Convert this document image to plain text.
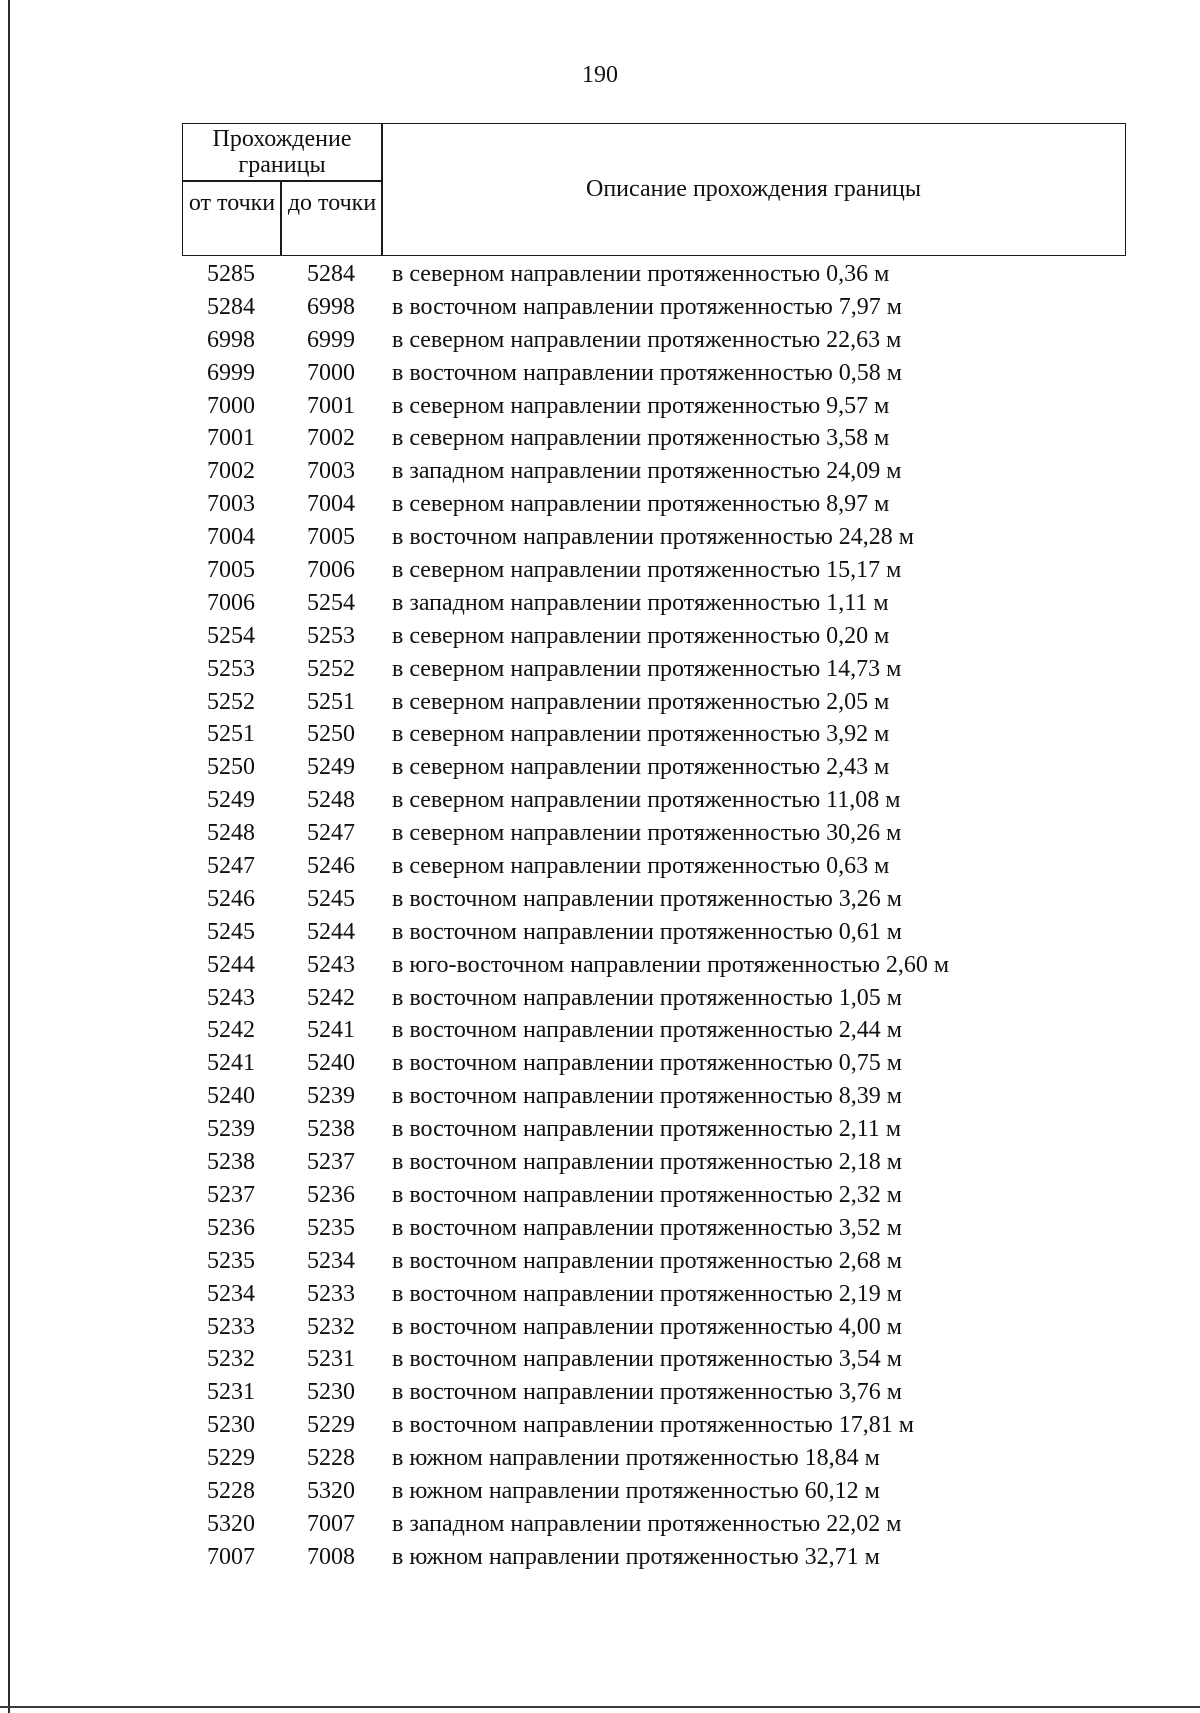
190
Прохождение границы
от точки до точки
Описание прохождения границы
5285	5284	в северном направлении протяженностью 0,36 м
5284	6998	в восточном направлении протяженностью 7,97 м
6998	6999	в северном направлении протяженностью 22,63 м
6999	7000	в восточном направлении протяженностью 0,58 м
7000	7001	в северном направлении протяженностью 9,57 м
7001	7002	в северном направлении протяженностью 3,58 м
7002	7003	в западном направлении протяженностью 24,09 м
7003	7004	в северном направлении протяженностью 8,97 м
7004	7005	в восточном направлении протяженностью 24,28 м
7005	7006	в северном направлении протяженностью 15,17 м
7006	5254	в западном направлении протяженностью 1,11 м
5254	5253	в северном направлении протяженностью 0,20 м
5253	5252	в северном направлении протяженностью 14,73 м
5252	5251	в северном направлении протяженностью 2,05 м
5251	5250	в северном направлении протяженностью 3,92 м
5250	5249	в северном направлении протяженностью 2,43 м
5249	5248	в северном направлении протяженностью 11,08 м
5248	5247	в северном направлении протяженностью 30,26 м
5247	5246	в северном направлении протяженностью 0,63 м
5246	5245	в восточном направлении протяженностью 3,26 м
5245	5244	в восточном направлении протяженностью 0,61 м
5244	5243	в юго-восточном направлении протяженностью 2,60 м
5243	5242	в восточном направлении протяженностью 1,05 м
5242	5241	в восточном направлении протяженностью 2,44 м
5241	5240	в восточном направлении протяженностью 0,75 м
5240	5239	в восточном направлении протяженностью 8,39 м
5239	5238	в восточном направлении протяженностью 2,11 м
5238	5237	в восточном направлении протяженностью 2,18 м
5237	5236	в восточном направлении протяженностью 2,32 м
5236	5235	в восточном направлении протяженностью 3,52 м
5235	5234	в восточном направлении протяженностью 2,68 м
5234	5233	в восточном направлении протяженностью 2,19 м
5233	5232	в восточном направлении протяженностью 4,00 м
5232	5231	в восточном направлении протяженностью 3,54 м
5231	5230	в восточном направлении протяженностью 3,76 м
5230	5229	в восточном направлении протяженностью 17,81 м
5229	5228	в южном направлении протяженностью 18,84 м
5228	5320	в южном направлении протяженностью 60,12 м
5320	7007	в западном направлении протяженностью 22,02 м
7007	7008	в южном направлении протяженностью 32,71 м
